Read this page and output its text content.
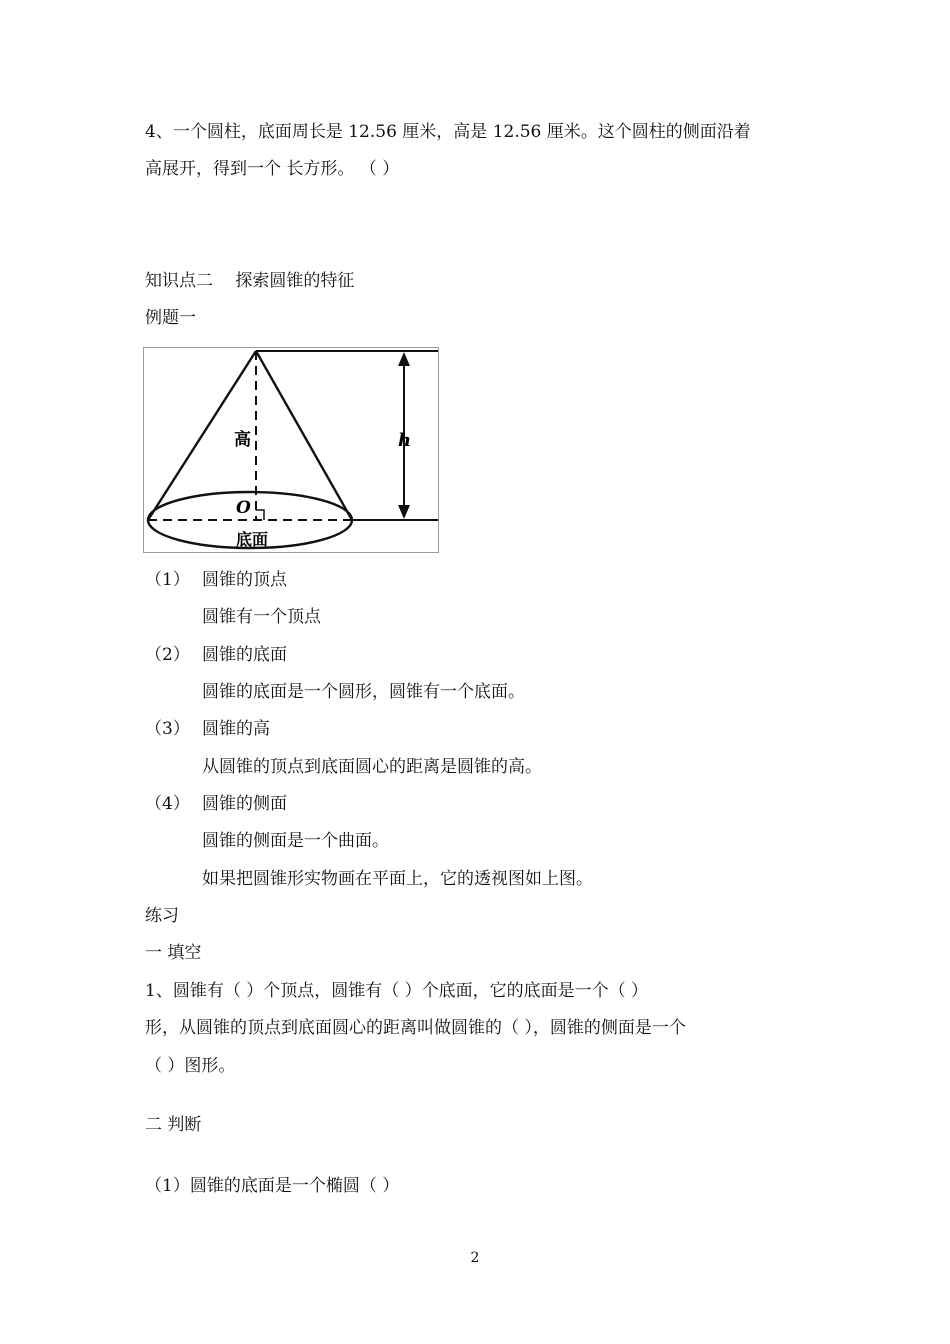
4、一个圆柱，底面周长是 12.56 厘米，高是 12.56 厘米。这个圆柱的侧面沿着
高展开，得到一个 长方形。 （ ）
知识点二　 探索圆锥的特征
例题一
高
O
底面
h
（1） 圆锥的顶点
圆锥有一个顶点
（2） 圆锥的底面
圆锥的底面是一个圆形，圆锥有一个底面。
（3） 圆锥的高
从圆锥的顶点到底面圆心的距离是圆锥的高。
（4） 圆锥的侧面
圆锥的侧面是一个曲面。
如果把圆锥形实物画在平面上，它的透视图如上图。
练习
一 填空
1、圆锥有（ ）个顶点，圆锥有（ ）个底面，它的底面是一个（ ）
形，从圆锥的顶点到底面圆心的距离叫做圆锥的（ ），圆锥的侧面是一个
（ ）图形。
二 判断
（1）圆锥的底面是一个椭圆（ ）
2
